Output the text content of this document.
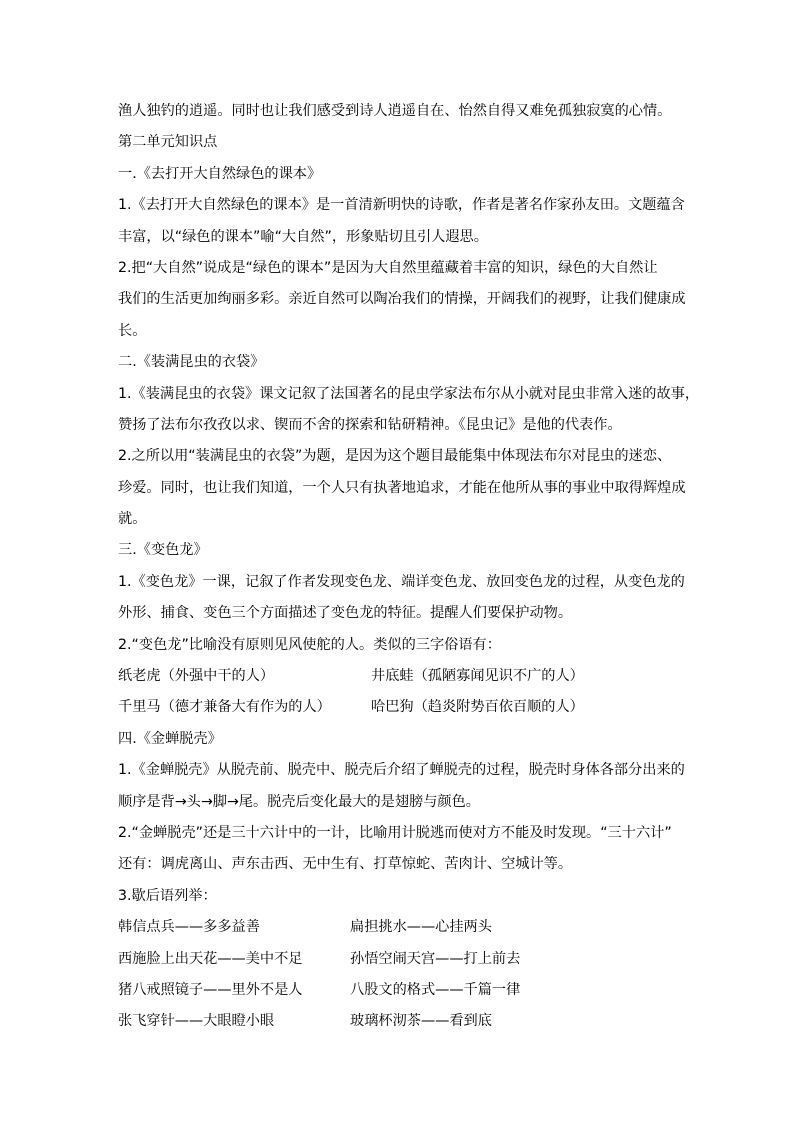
渔人独钓的逍遥。同时也让我们感受到诗人逍遥自在、怡然自得又难免孤独寂寞的心情。
第二单元知识点
一.《去打开大自然绿色的课本》
1.《去打开大自然绿色的课本》是一首清新明快的诗歌，作者是著名作家孙友田。文题蕴含
丰富，以“绿色的课本”喻“大自然”，形象贴切且引人遐思。
2.把“大自然”说成是“绿色的课本”是因为大自然里蕴藏着丰富的知识，绿色的大自然让
我们的生活更加绚丽多彩。亲近自然可以陶冶我们的情操，开阔我们的视野，让我们健康成
长。
二.《装满昆虫的衣袋》
1.《装满昆虫的衣袋》课文记叙了法国著名的昆虫学家法布尔从小就对昆虫非常入迷的故事，
赞扬了法布尔孜孜以求、锲而不舍的探索和钻研精神。《昆虫记》是他的代表作。
2.之所以用“装满昆虫的衣袋”为题，是因为这个题目最能集中体现法布尔对昆虫的迷恋、
珍爱。同时，也让我们知道，一个人只有执著地追求，才能在他所从事的事业中取得辉煌成
就。
三.《变色龙》
1.《变色龙》一课，记叙了作者发现变色龙、端详变色龙、放回变色龙的过程，从变色龙的
外形、捕食、变色三个方面描述了变色龙的特征。提醒人们要保护动物。
2.“变色龙”比喻没有原则见风使舵的人。类似的三字俗语有：
纸老虎（外强中干的人）	井底蛙（孤陋寡闻见识不广的人）
千里马（德才兼备大有作为的人）	哈巴狗（趋炎附势百依百顺的人）
四.《金蝉脱壳》
1.《金蝉脱壳》从脱壳前、脱壳中、脱壳后介绍了蝉脱壳的过程，脱壳时身体各部分出来的
顺序是背→头→脚→尾。脱壳后变化最大的是翅膀与颜色。
2.“金蝉脱壳”还是三十六计中的一计，比喻用计脱逃而使对方不能及时发现。“三十六计”
还有：调虎离山、声东击西、无中生有、打草惊蛇、苦肉计、空城计等。
3.歇后语列举：
韩信点兵——多多益善	扁担挑水——心挂两头
西施脸上出天花——美中不足	孙悟空闹天宫——打上前去
猪八戒照镜子——里外不是人	八股文的格式——千篇一律
张飞穿针——大眼瞪小眼	玻璃杯沏茶——看到底
